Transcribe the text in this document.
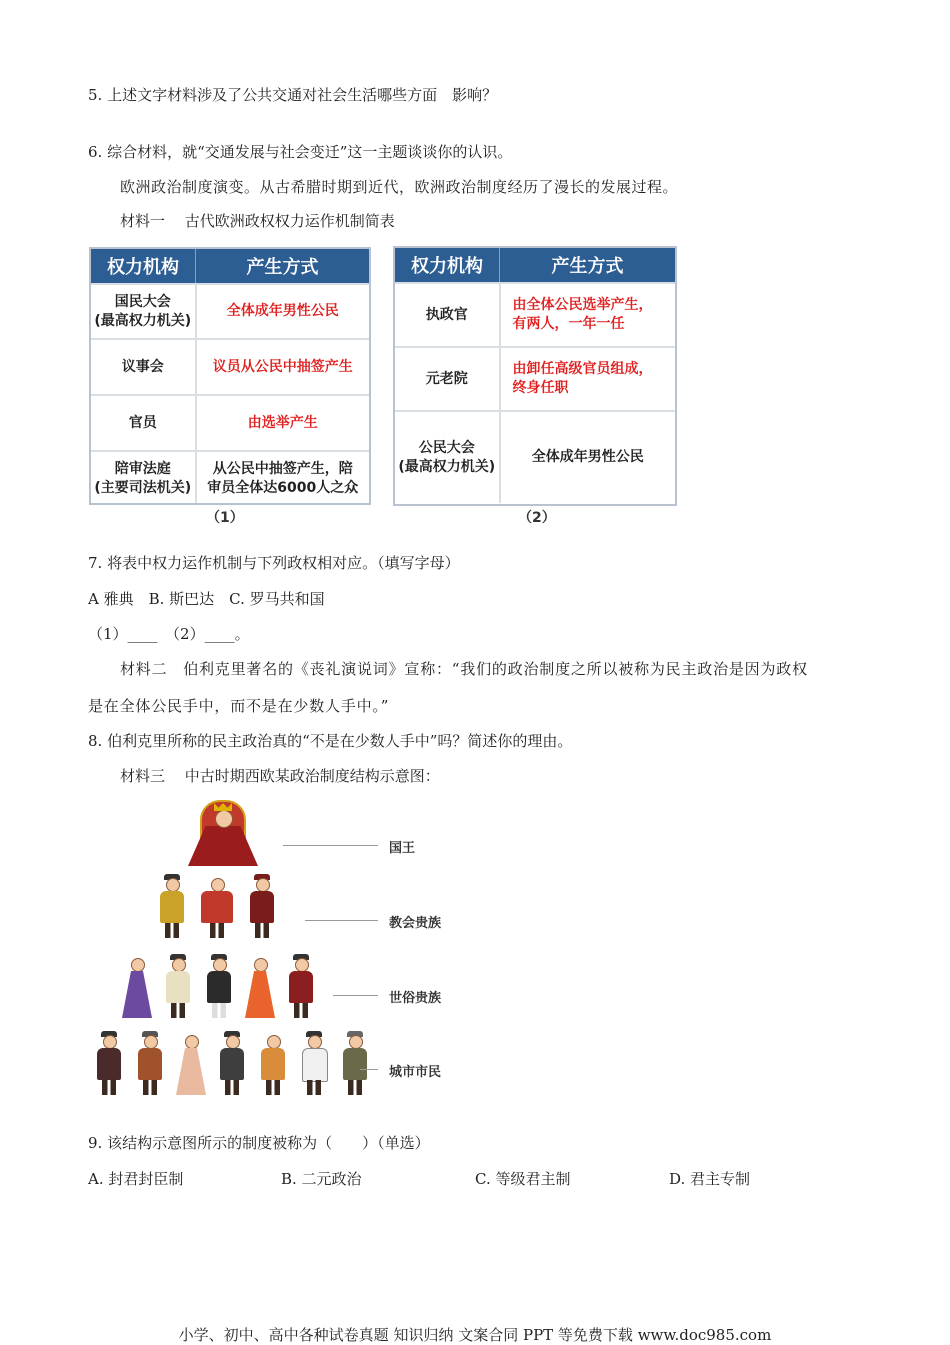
5. 上述文字材料涉及了公共交通对社会生活哪些方面　影响？
6. 综合材料，就“交通发展与社会变迁”这一主题谈谈你的认识。
欧洲政治制度演变。从古希腊时期到近代，欧洲政治制度经历了漫长的发展过程。
材料一　 古代欧洲政权权力运作机制简表
权力机构	产生方式
国民大会
(最高权力机关)	全体成年男性公民
议事会	议员从公民中抽签产生
官员	由选举产生
陪审法庭
(主要司法机关)	从公民中抽签产生，陪
审员全体达6000人之众
（1）
权力机构	产生方式
执政官	由全体公民选举产生，
有两人，一年一任
元老院	由卸任高级官员组成，
终身任职
公民大会
(最高权力机关)	全体成年男性公民
（2）
7. 将表中权力运作机制与下列政权相对应。（填写字母）
A 雅典　B. 斯巴达　C. 罗马共和国
（1）____　（2）____。
材料二　伯利克里著名的《丧礼演说词》宣称：“我们的政治制度之所以被称为民主政治是因为政权
是在全体公民手中，而不是在少数人手中。”
8. 伯利克里所称的民主政治真的“不是在少数人手中”吗？简述你的理由。
材料三　 中古时期西欧某政治制度结构示意图：
国王
教会贵族
世俗贵族
城市市民
9. 该结构示意图所示的制度被称为（　　）（单选）
A. 封君封臣制	B. 二元政治	C. 等级君主制	D. 君主专制
小学、初中、高中各种试卷真题 知识归纳 文案合同 PPT 等免费下载 www.doc985.com
